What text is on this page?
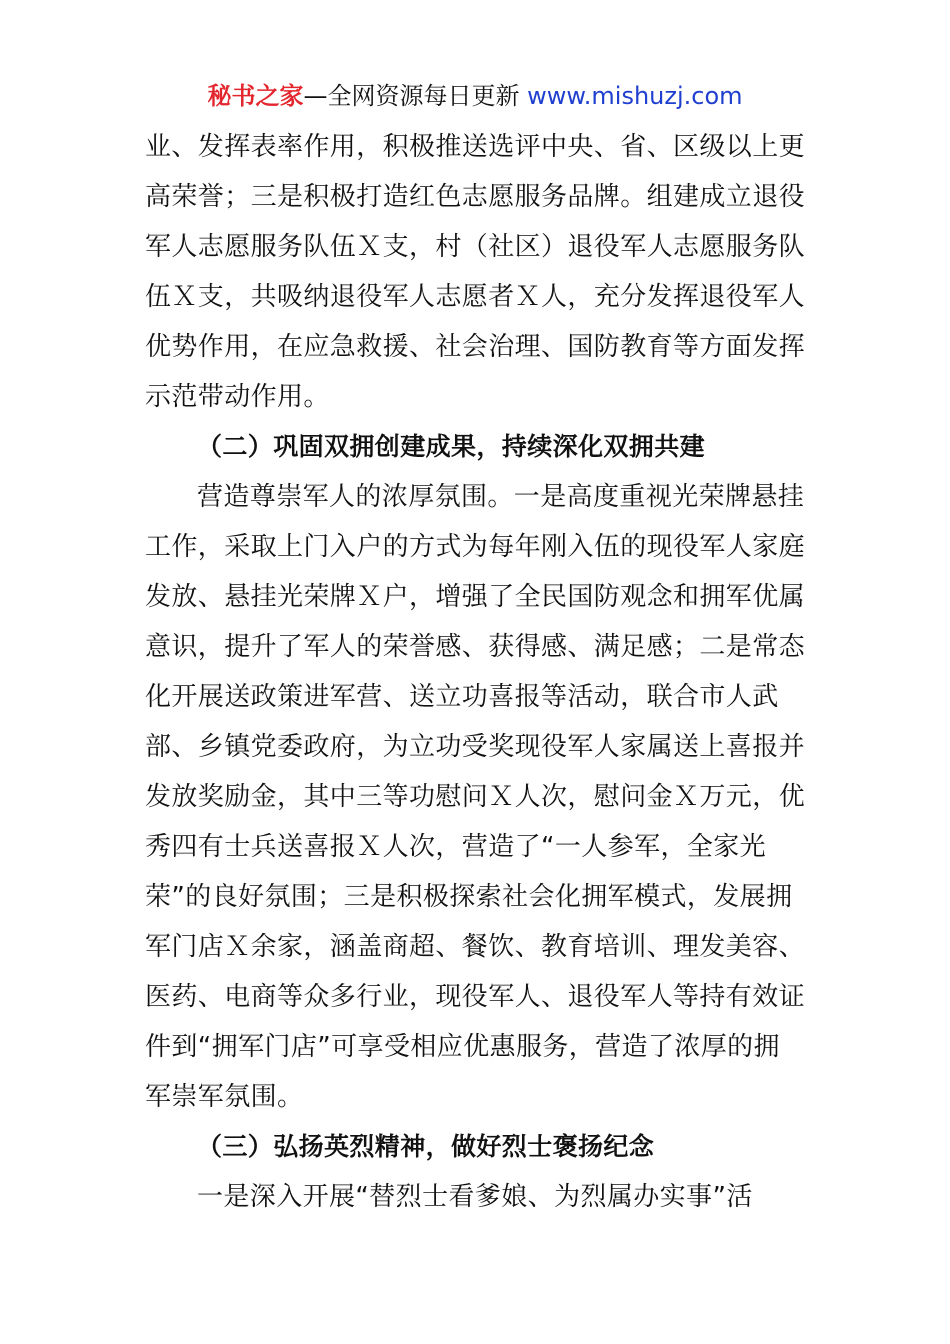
秘书之家—全网资源每日更新 www.mishuzj.com
业、发挥表率作用，积极推送选评中央、省、区级以上更
高荣誉；三是积极打造红色志愿服务品牌。组建成立退役
军人志愿服务队伍Ｘ支，村（社区）退役军人志愿服务队
伍Ｘ支，共吸纳退役军人志愿者Ｘ人，充分发挥退役军人
优势作用，在应急救援、社会治理、国防教育等方面发挥
示范带动作用。
（二）巩固双拥创建成果，持续深化双拥共建
营造尊崇军人的浓厚氛围。一是高度重视光荣牌悬挂
工作，采取上门入户的方式为每年刚入伍的现役军人家庭
发放、悬挂光荣牌Ｘ户，增强了全民国防观念和拥军优属
意识，提升了军人的荣誉感、获得感、满足感；二是常态
化开展送政策进军营、送立功喜报等活动，联合市人武
部、乡镇党委政府，为立功受奖现役军人家属送上喜报并
发放奖励金，其中三等功慰问Ｘ人次，慰问金Ｘ万元，优
秀四有士兵送喜报Ｘ人次，营造了“一人参军，全家光
荣”的良好氛围；三是积极探索社会化拥军模式，发展拥
军门店Ｘ余家，涵盖商超、餐饮、教育培训、理发美容、
医药、电商等众多行业，现役军人、退役军人等持有效证
件到“拥军门店”可享受相应优惠服务，营造了浓厚的拥
军崇军氛围。
（三）弘扬英烈精神，做好烈士褒扬纪念
一是深入开展“替烈士看爹娘、为烈属办实事”活
